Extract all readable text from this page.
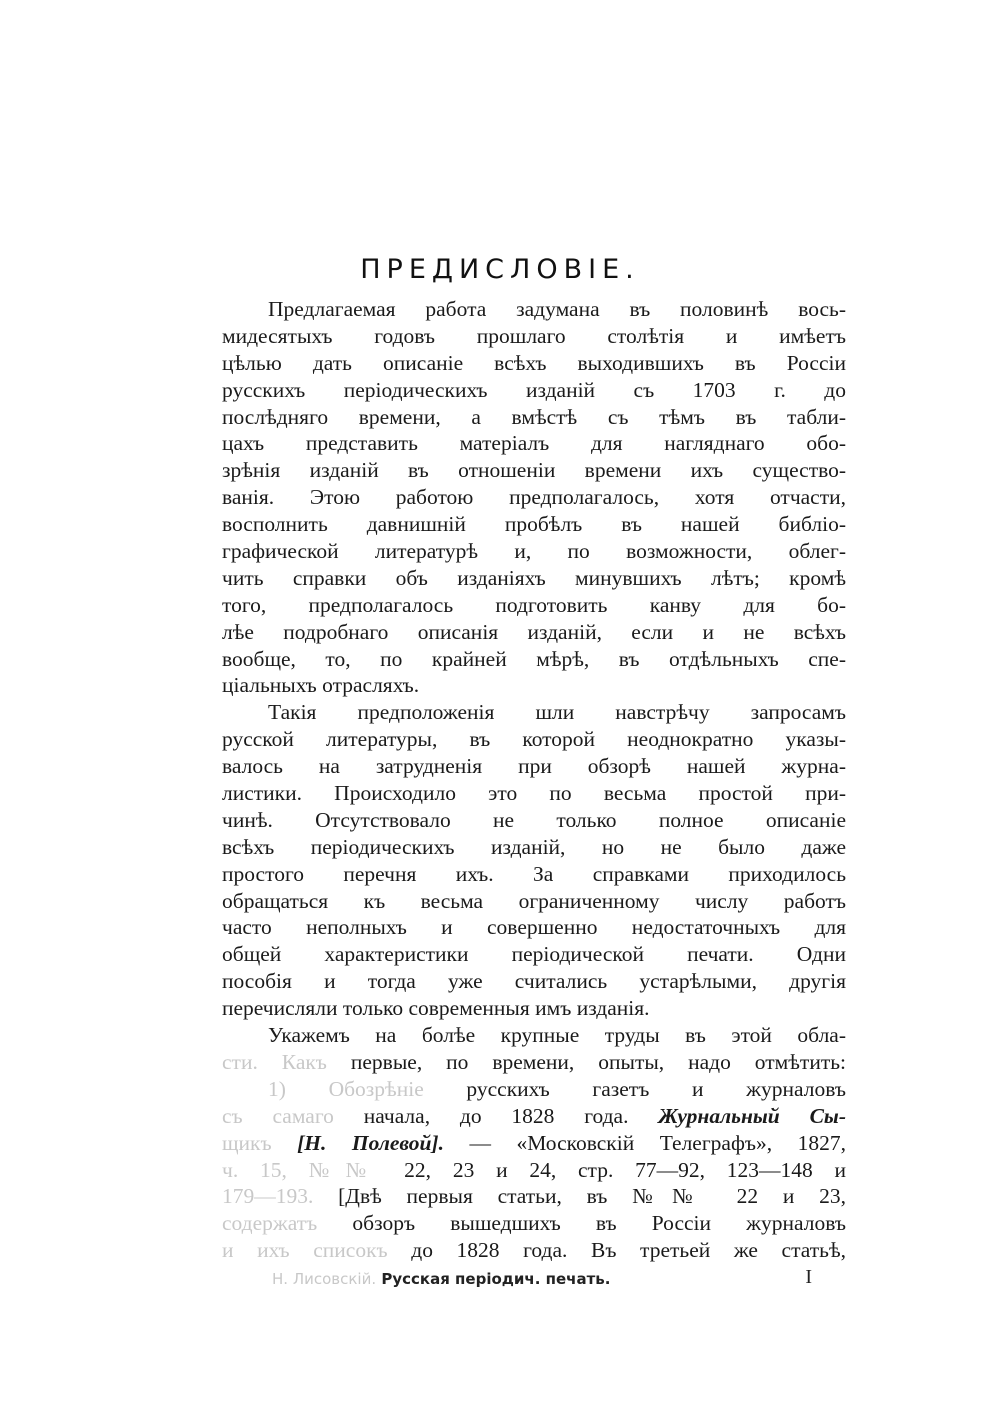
ПРЕДИСЛОВІЕ.
Предлагаемая работа задумана въ половинѣ вось-
мидесятыхъ годовъ прошлаго столѣтія и имѣетъ
цѣлью дать описаніе всѣхъ выходившихъ въ Россіи
русскихъ періодическихъ изданій съ 1703 г. до
послѣдняго времени, а вмѣстѣ съ тѣмъ въ табли-
цахъ представить матеріалъ для нагляднаго обо-
зрѣнія изданій въ отношеніи времени ихъ существо-
ванія. Этою работою предполагалось, хотя отчасти,
восполнить давнишній пробѣлъ въ нашей библіо-
графической литературѣ и, по возможности, облег-
чить справки объ изданіяхъ минувшихъ лѣтъ; кромѣ
того, предполагалось подготовить канву для бо-
лѣе подробнаго описанія изданій, если и не всѣхъ
вообще, то, по крайней мѣрѣ, въ отдѣльныхъ спе-
ціальныхъ отрасляхъ.
Такія предположенія шли навстрѣчу запросамъ
русской литературы, въ которой неоднократно указы-
валось на затрудненія при обзорѣ нашей журна-
листики. Происходило это по весьма простой при-
чинѣ. Отсутствовало не только полное описаніе
всѣхъ періодическихъ изданій, но не было даже
простого перечня ихъ. За справками приходилось
обращаться къ весьма ограниченному числу работъ
часто неполныхъ и совершенно недостаточныхъ для
общей характеристики періодической печати. Одни
пособія и тогда уже считались устарѣлыми, другія
перечисляли только современныя имъ изданія.
Укажемъ на болѣе крупные труды въ этой обла-
сти. Какъ первые, по времени, опыты, надо отмѣтить:
1) Обозрѣніе русскихъ газетъ и журналовъ
съ самаго начала, до 1828 года. Журнальный Сы-
щикъ [Н. Полевой]. — «Московскій Телеграфъ», 1827,
ч. 15, №№ 22, 23 и 24, стр. 77—92, 123—148 и
179—193. [Двѣ первыя статьи, въ №№ 22 и 23,
содержатъ обзоръ вышедшихъ въ Россіи журналовъ
и ихъ списокъ до 1828 года. Въ третьей же статьѣ,
Н. Лисовскій. Русская періодич. печать.	I
